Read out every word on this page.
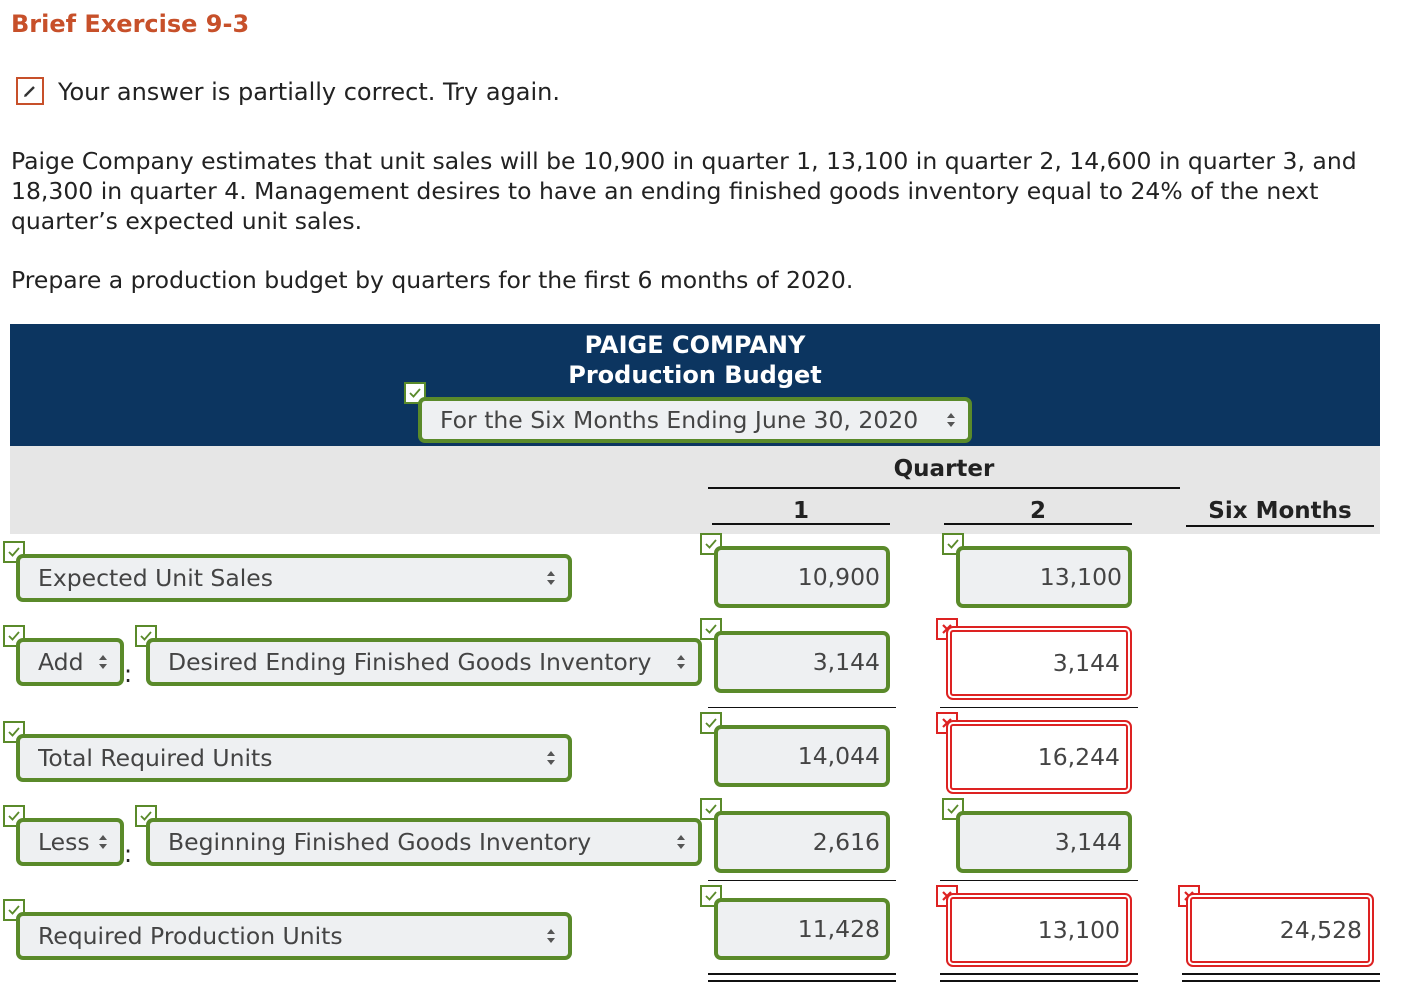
Brief Exercise 9-3
Your answer is partially correct. Try again.
Paige Company estimates that unit sales will be 10,900 in quarter 1, 13,100 in quarter 2, 14,600 in quarter 3, and 18,300 in quarter 4. Management desires to have an ending finished goods inventory equal to 24% of the next quarter’s expected unit sales.
Prepare a production budget by quarters for the first 6 months of 2020.
PAIGE COMPANY
Production Budget
For the Six Months Ending June 30, 2020
Quarter
1	2	Six Months
Expected Unit Sales	10,900	13,100
Add	: Desired Ending Finished Goods Inventory	3,144	3,144
Total Required Units	14,044	16,244
Less : Beginning Finished Goods Inventory	2,616	3,144
Required Production Units	11,428	13,100	24,528
